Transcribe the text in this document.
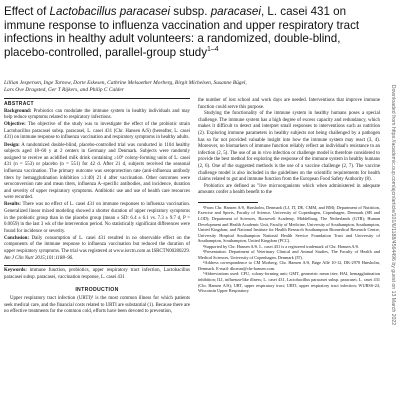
Effect of Lactobacillus paracasei subsp. paracasei, L. casei 431 on
immune response to influenza vaccination and upper respiratory tract
infections in healthy adult volunteers: a randomized, double-blind,
placebo-controlled, parallel-group study$^{1-4}$
Lillian Jespersen, Inge Tarnow, Dorte Eskesen, Cathrine Melsaether Morberg, Birgit Michelsen, Susanne Bügel,
Lars Ove Dragsted, Ger T Rijkers, and Philip C Calder
ABSTRACT

Background: Probiotics can modulate the immune system in healthy individuals and may help reduce symptoms related to respiratory infections.

Objective: The objective of the study was to investigate the effect of the probiotic strain Lactobacillus paracasei subsp. paracasei, L. casei 431 (Chr. Hansen A/S) (hereafter, L. casei 431) on immune response to influenza vaccination and respiratory symptoms in healthy adults.

Design: A randomized double-blind, placebo-controlled trial was conducted in 1104 healthy subjects aged 18–60 y at 2 centers in Germany and Denmark. Subjects were randomly assigned to receive an acidified milk drink containing ≥10⁹ colony-forming units of L. casei 431 (n = 553) or placebo (n = 551) for 42 d. After 21 d, subjects received the seasonal influenza vaccination. The primary outcome was seroprotection rate (anti-influenza antibody titers by hemagglutination inhibition ≥1:40) 21 d after vaccination. Other outcomes were seroconversion rate and mean titers, influenza A–specific antibodies, and incidence, duration and severity of upper respiratory symptoms. Antibiotic use and use of health care resources were recorded.

Results: There was no effect of L. casei 431 on immune responses to influenza vaccination. Generalized linear mixed modeling showed a shorter duration of upper respiratory symptoms in the probiotic group than in the placebo group (mean ± SD: 6.4 ± 6.1 vs. 7.3 ± 9.7 d, P = 0.0059) in the last 3 wk of the intervention period. No statistically significant differences were found for incidence or severity.

Conclusion: Daily consumption of L. casei 431 resulted in no observable effect on the components of the immune response to influenza vaccination but reduced the duration of upper respiratory symptoms. The trial was registered at www.isrctn.com as ISRCTN00280229. Am J Clin Nutr 2015;101:1188–96.

Keywords: immune function, probiotics, upper respiratory tract infection, Lactobacillus paracasei subsp. paracasei, vaccination response, L. casei 431
INTRODUCTION

Upper respiratory tract infection (URTI)⁵ is the most common illness for which patients seek medical care, and the financial costs related to URTI are substantial (1). Because there are no effective treatments for the common cold, efforts have been devoted to prevention,

the number of lost school and work days are needed. Interventions that improve immune function could serve this purpose.

Studying the functionality of the immune system in healthy humans poses a special challenge. The immune system has a high degree of excess capacity and redundancy, which makes it difficult to detect and interpret small responses to interventions such as nutrition (2). Exploring immune parameters in healthy subjects not being challenged by a pathogen has so far not provided valuable insight into how the immune system may react (3, 4). Moreover, no biomarkers of immune function reliably reflect an individual's resistance to an infection (2, 5). The use of an in vivo infection or challenge model is therefore considered to provide the best method for exploring the response of the immune system in healthy humans (2, 6). One of the suggested methods is the use of a vaccine challenge (2, 7). The vaccine challenge model is also included in the guidelines on the scientific requirements for health claims related to gut and immune function from the European Food Safety Authority (8).

Probiotics are defined as "live microorganisms which when administered in adequate amounts confer a health benefit to the

¹From Chr. Hansen A/S, Hørsholm, Denmark (LJ, IT, DE, CMM, and BM); Department of Nutrition, Exercise and Sports, Faculty of Science, University of Copenhagen, Copenhagen, Denmark (SB and LOD); Department of Sciences, Roosevelt Academy, Middelburg, The Netherlands (GTR); Human Development and Health Academic Unit, Faculty of Medicine, University of Southampton, Southampton, United Kingdom; and National Institute for Health Research Southampton Biomedical Research Centre, University Hospital Southampton National Health Service Foundation Trust and University of Southampton, Southampton, United Kingdom (PCC).

²Supported by Chr. Hansen A/S. L. casei 431 is a registered trademark of Chr. Hansen A/S.

³Presentation: Department of Veterinary Clinical and Animal Studies, The Faculty of Health and Medical Sciences, University of Copenhagen, Denmark (IT).

⁴Address correspondence to CM Morberg, Chr. Hansen A/S, Bøge Allé 10-12, DK-2970 Hørsholm, Denmark. E-mail: dkcmm@chr-hansen.com.

⁵Abbreviations used: CFU, colony-forming unit; GMT, geometric mean titer; HAI, hemagglutination inhibition; ILI, influenza-like illness; L. casei 431, Lactobacillus paracasei subsp. paracasei, L. casei 431 (Chr. Hansen A/S); URT, upper respiratory tract; URTI, upper respiratory tract infection; WURSS-24, Wisconsin Upper Respiratory	Downloaded from https://academic.oup.com/ajcn/article/101/6/1188/4564496 by guest on 13 March 2022
